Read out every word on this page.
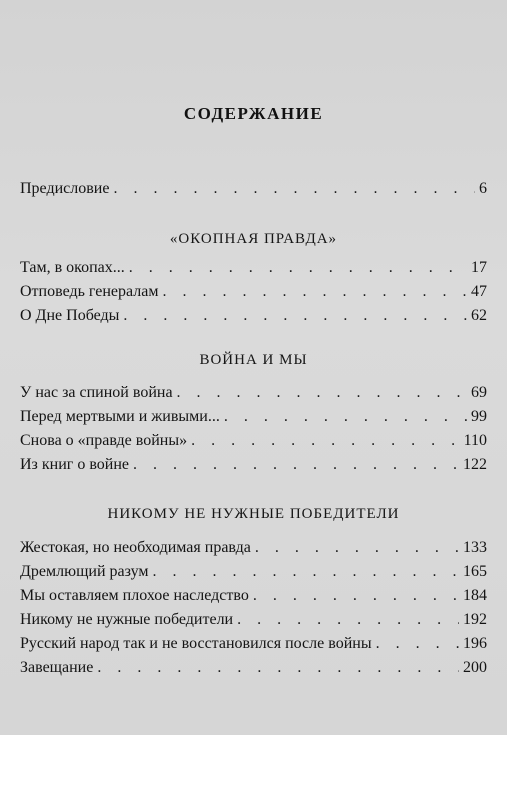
СОДЕРЖАНИЕ
Предисловие . . .	6
«ОКОПНАЯ ПРАВДА»
Там, в окопах... . . .	17
Отповедь генералам . . .	47
О Дне Победы . . .	62
ВОЙНА И МЫ
У нас за спиной война . . .	69
Перед мертвыми и живыми... . . .	99
Снова о «правде войны» . . .	110
Из книг о войне . . .	122
НИКОМУ НЕ НУЖНЫЕ ПОБЕДИТЕЛИ
Жестокая, но необходимая правда . . .	133
Дремлющий разум . . .	165
Мы оставляем плохое наследство . . .	184
Никому не нужные победители . . .	192
Русский народ так и не восстановился после войны . . .	196
Завещание . . .	200
